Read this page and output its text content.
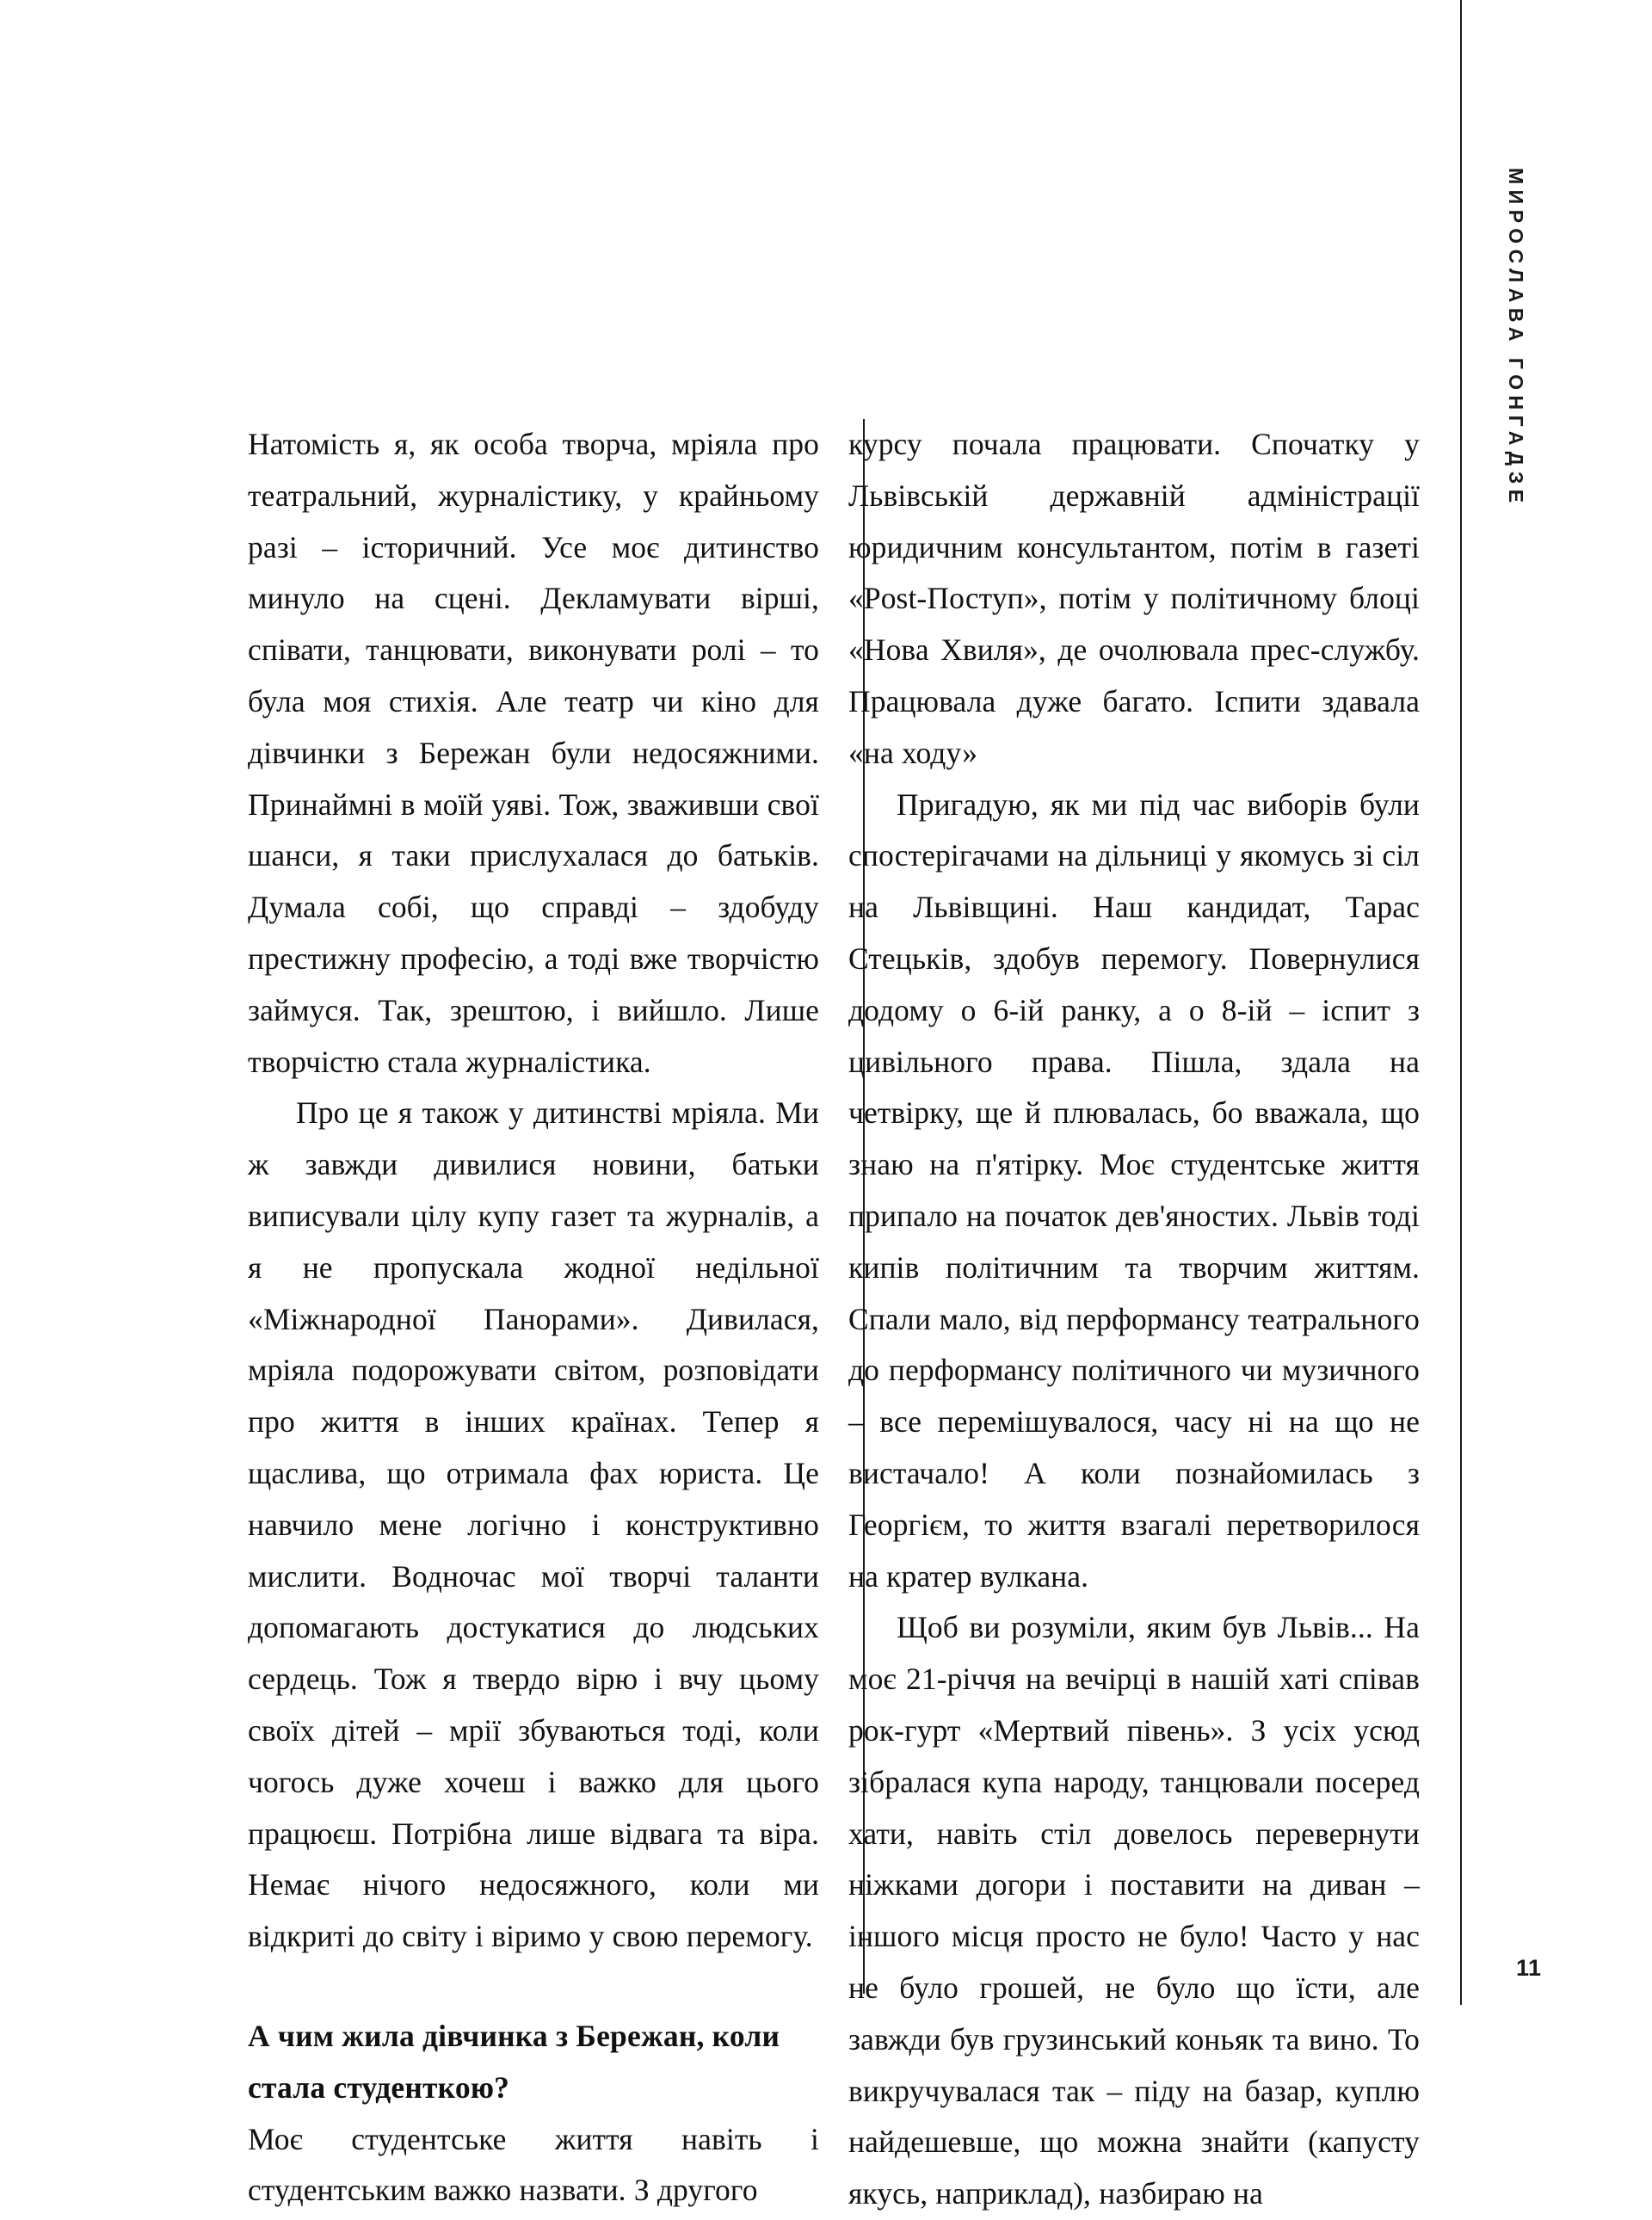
МИРОСЛАВА ГОНГАДЗЕ
11

Натомість я, як особа творча, мріяла про театральний, журналістику, у крайньому разі – історичний. Усе моє дитинство минуло на сцені. Декламувати вірші, співати, танцювати, виконувати ролі – то була моя стихія. Але театр чи кіно для дівчинки з Бережан були недосяжними. Принаймні в моїй уяві. Тож, зваживши свої шанси, я таки прислухалася до батьків. Думала собі, що справді – здобуду престижну професію, а тоді вже творчістю займуся. Так, зрештою, і вийшло. Лише творчістю стала журналістика.

Про це я також у дитинстві мріяла. Ми ж завжди дивилися новини, батьки виписували цілу купу газет та журналів, а я не пропускала жодної недільної «Міжнародної Панорами». Дивилася, мріяла подорожувати світом, розповідати про життя в інших країнах. Тепер я щаслива, що отримала фах юриста. Це навчило мене логічно і конструктивно мислити. Водночас мої творчі таланти допомагають достукатися до людських сердець. Тож я твердо вірю і вчу цьому своїх дітей – мрії збуваються тоді, коли чогось дуже хочеш і важко для цього працюєш. Потрібна лише відвага та віра. Немає нічого недосяжного, коли ми відкриті до світу і віримо у свою перемогу.

А чим жила дівчинка з Бережан, коли стала студенткою?

Моє студентське життя навіть і студентським важко назвати. З другого

курсу почала працювати. Спочатку у Львівській державній адміністрації юридичним консультантом, потім в газеті «Post-Поступ», потім у політичному блоці «Нова Хвиля», де очолювала прес-службу. Працювала дуже багато. Іспити здавала «на ходу»

Пригадую, як ми під час виборів були спостерігачами на дільниці у якомусь зі сіл на Львівщині. Наш кандидат, Тарас Стецьків, здобув перемогу. Повернулися додому о 6-ій ранку, а о 8-ій – іспит з цивільного права. Пішла, здала на четвірку, ще й плювалась, бо вважала, що знаю на п'ятірку. Моє студентське життя припало на початок дев'яностих. Львів тоді кипів політичним та творчим життям. Спали мало, від перформансу театрального до перформансу політичного чи музичного – все перемішувалося, часу ні на що не вистачало! А коли познайомилась з Георгієм, то життя взагалі перетворилося на кратер вулкана.

Щоб ви розуміли, яким був Львів... На моє 21-річчя на вечірці в нашій хаті співав рок-гурт «Мертвий півень». З усіх усюд зібралася купа народу, танцювали посеред хати, навіть стіл довелось перевернути ніжками догори і поставити на диван – іншого місця просто не було! Часто у нас не було грошей, не було що їсти, але завжди був грузинський коньяк та вино. То викручувалася так – піду на базар, куплю найдешевше, що можна знайти (капусту якусь, наприклад), назбираю на
